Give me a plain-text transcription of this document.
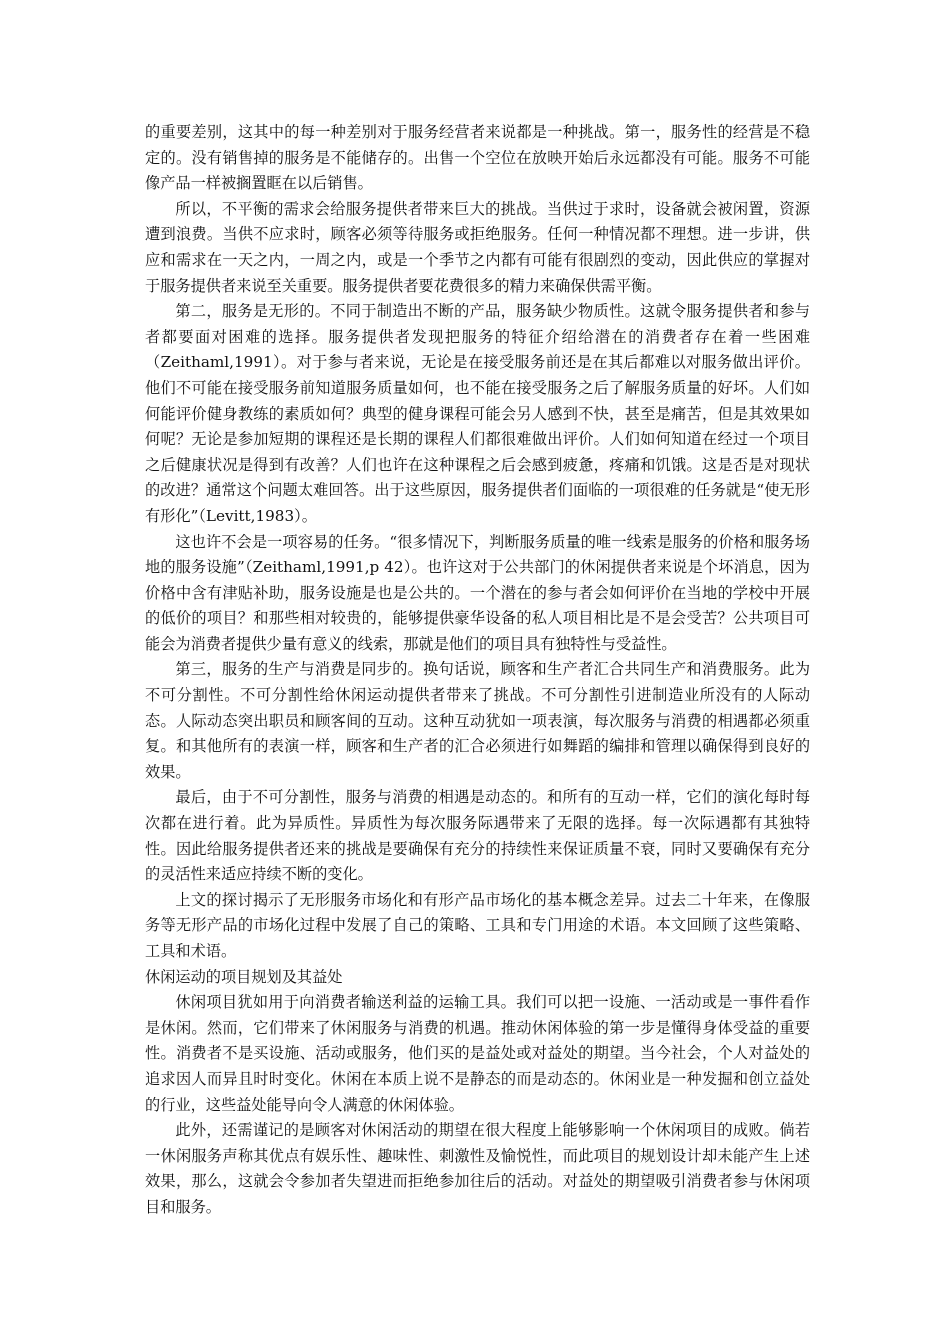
的重要差别，这其中的每一种差别对于服务经营者来说都是一种挑战。第一，服务性的经营是不稳定的。没有销售掉的服务是不能储存的。出售一个空位在放映开始后永远都没有可能。服务不可能像产品一样被搁置眶在以后销售。

所以，不平衡的需求会给服务提供者带来巨大的挑战。当供过于求时，设备就会被闲置，资源遭到浪费。当供不应求时，顾客必须等待服务或拒绝服务。任何一种情况都不理想。进一步讲，供应和需求在一天之内，一周之内，或是一个季节之内都有可能有很剧烈的变动，因此供应的掌握对于服务提供者来说至关重要。服务提供者要花费很多的精力来确保供需平衡。

第二，服务是无形的。不同于制造出不断的产品，服务缺少物质性。这就令服务提供者和参与者都要面对困难的选择。服务提供者发现把服务的特征介绍给潜在的消费者存在着一些困难（Zeithaml,1991）。对于参与者来说，无论是在接受服务前还是在其后都难以对服务做出评价。他们不可能在接受服务前知道服务质量如何，也不能在接受服务之后了解服务质量的好坏。人们如何能评价健身教练的素质如何？典型的健身课程可能会另人感到不快，甚至是痛苦，但是其效果如何呢？无论是参加短期的课程还是长期的课程人们都很难做出评价。人们如何知道在经过一个项目之后健康状况是得到有改善？人们也许在这种课程之后会感到疲惫，疼痛和饥饿。这是否是对现状的改进？通常这个问题太难回答。出于这些原因，服务提供者们面临的一项很难的任务就是“使无形有形化”（Levitt,1983）。

这也许不会是一项容易的任务。“很多情况下，判断服务质量的唯一线索是服务的价格和服务场地的服务设施”（Zeithaml,1991,p 42）。也许这对于公共部门的休闲提供者来说是个坏消息，因为价格中含有津贴补助，服务设施是也是公共的。一个潜在的参与者会如何评价在当地的学校中开展的低价的项目？和那些相对较贵的，能够提供豪华设备的私人项目相比是不是会受苦？公共项目可能会为消费者提供少量有意义的线索，那就是他们的项目具有独特性与受益性。

第三，服务的生产与消费是同步的。换句话说，顾客和生产者汇合共同生产和消费服务。此为不可分割性。不可分割性给休闲运动提供者带来了挑战。不可分割性引进制造业所没有的人际动态。人际动态突出职员和顾客间的互动。这种互动犹如一项表演，每次服务与消费的相遇都必须重复。和其他所有的表演一样，顾客和生产者的汇合必须进行如舞蹈的编排和管理以确保得到良好的效果。

最后，由于不可分割性，服务与消费的相遇是动态的。和所有的互动一样，它们的演化每时每次都在进行着。此为异质性。异质性为每次服务际遇带来了无限的选择。每一次际遇都有其独特性。因此给服务提供者还来的挑战是要确保有充分的持续性来保证质量不衰，同时又要确保有充分的灵活性来适应持续不断的变化。

上文的探讨揭示了无形服务市场化和有形产品市场化的基本概念差异。过去二十年来，在像服务等无形产品的市场化过程中发展了自己的策略、工具和专门用途的术语。本文回顾了这些策略、工具和术语。

休闲运动的项目规划及其益处

休闲项目犹如用于向消费者输送利益的运输工具。我们可以把一设施、一活动或是一事件看作是休闲。然而，它们带来了休闲服务与消费的机遇。推动休闲体验的第一步是懂得身体受益的重要性。消费者不是买设施、活动或服务，他们买的是益处或对益处的期望。当今社会，个人对益处的追求因人而异且时时变化。休闲在本质上说不是静态的而是动态的。休闲业是一种发掘和创立益处的行业，这些益处能导向令人满意的休闲体验。

此外，还需谨记的是顾客对休闲活动的期望在很大程度上能够影响一个休闲项目的成败。倘若一休闲服务声称其优点有娱乐性、趣味性、刺激性及愉悦性，而此项目的规划设计却未能产生上述效果，那么，这就会令参加者失望进而拒绝参加往后的活动。对益处的期望吸引消费者参与休闲项目和服务。
